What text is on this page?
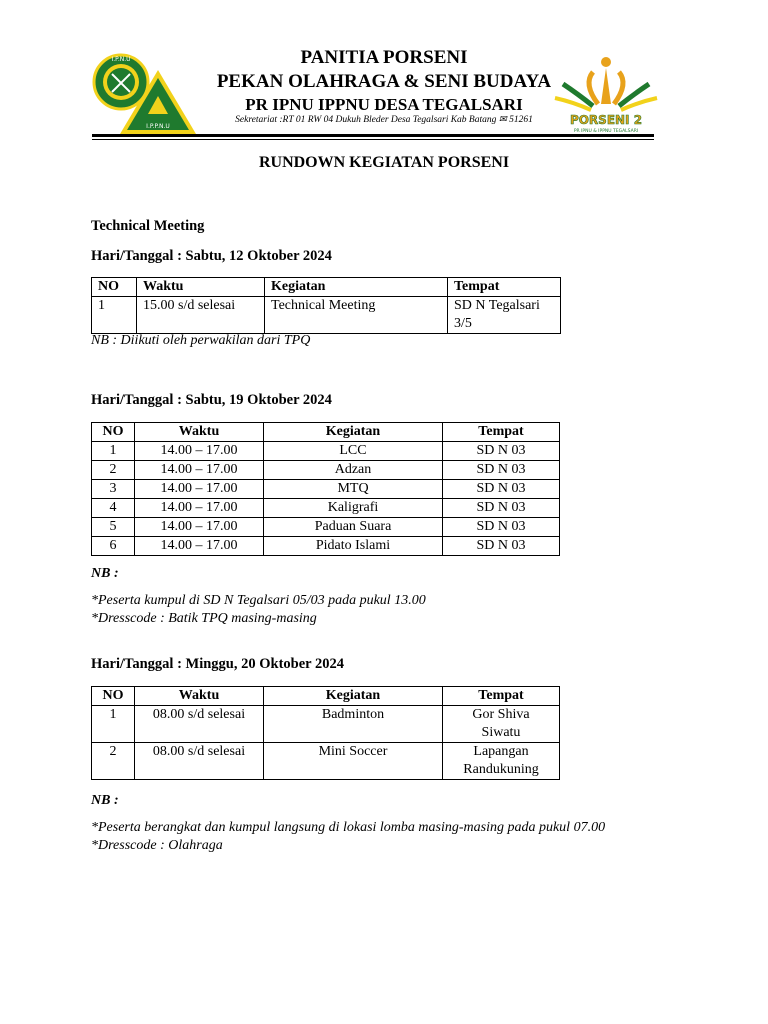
I.P.N.U
I.P.P.N.U
PANITIA PORSENI
PEKAN OLAHRAGA & SENI BUDAYA
PR IPNU IPPNU DESA TEGALSARI
Sekretariat :RT 01 RW 04 Dukuh Bleder Desa Tegalsari Kab Batang ✉ 51261	PORSENI 2
PR IPNU & IPPNU TEGALSARI
RUNDOWN KEGIATAN PORSENI
Technical Meeting
Hari/Tanggal : Sabtu, 12 Oktober 2024
NO	Waktu	Kegiatan	Tempat
1	15.00 s/d selesai	Technical Meeting	SD N Tegalsari
3/5
NB : Diikuti oleh perwakilan dari TPQ
Hari/Tanggal : Sabtu, 19 Oktober 2024
NO	Waktu	Kegiatan	Tempat
1	14.00 – 17.00	LCC	SD N 03
2	14.00 – 17.00	Adzan	SD N 03
3	14.00 – 17.00	MTQ	SD N 03
4	14.00 – 17.00	Kaligrafi	SD N 03
5	14.00 – 17.00	Paduan Suara	SD N 03
6	14.00 – 17.00	Pidato Islami	SD N 03
NB :
*Peserta kumpul di SD N Tegalsari 05/03 pada pukul 13.00
*Dresscode : Batik TPQ masing-masing
Hari/Tanggal : Minggu, 20 Oktober 2024
NO	Waktu	Kegiatan	Tempat
1	08.00 s/d selesai	Badminton	Gor Shiva
Siwatu

2	08.00 s/d selesai	Mini Soccer	Lapangan
Randukuning
NB :
*Peserta berangkat dan kumpul langsung di lokasi lomba masing-masing pada pukul 07.00
*Dresscode : Olahraga
